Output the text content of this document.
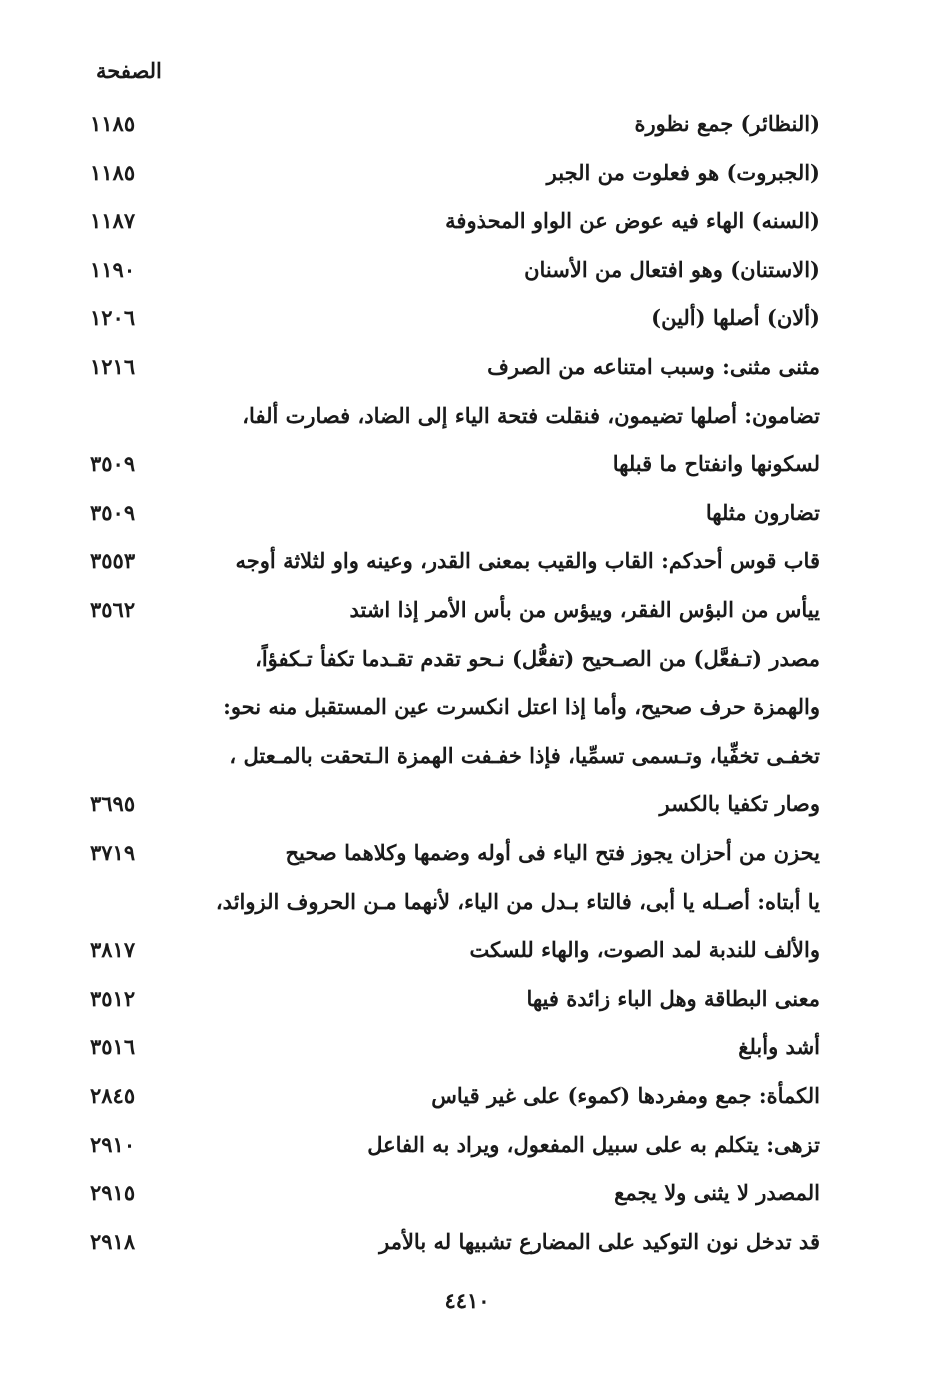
الصفحة
(النظائر) جمع نظورة
١١٨٥
(الجبروت) هو فعلوت من الجبر
١١٨٥
(السنه) الهاء فيه عوض عن الواو المحذوفة
١١٨٧
(الاستنان) وهو افتعال من الأسنان
١١٩٠
(ألان) أصلها (ألين)
١٢٠٦
مثنى مثنى: وسبب امتناعه من الصرف
١٢١٦
تضامون: أصلها تضيمون، فنقلت فتحة الياء إلى الضاد، فصارت ألفا،
لسكونها وانفتاح ما قبلها
٣٥٠٩
تضارون مثلها
٣٥٠٩
قاب قوس أحدكم: القاب والقيب بمعنى القدر، وعينه واو لثلاثة أوجه
٣٥٥٣
ييأس من البؤس الفقر، وييؤس من بأس الأمر إذا اشتد
٣٥٦٢
مصدر (تـفعَّل) من الصـحيح (تفعُّل) نـحو تقدم تقـدما تكفأ تـكفؤاً،
والهمزة حرف صحيح، وأما إذا اعتل انكسرت عين المستقبل منه نحو:
تخفـى تخفِّيا، وتـسمى تسمِّيا، فإذا خفـفت الهمزة الـتحقت بالمـعتل ،
وصار تكفيا بالكسر
٣٦٩٥
يحزن من أحزان يجوز فتح الياء فى أوله وضمها وكلاهما صحيح
٣٧١٩
يا أبتاه: أصـله يا أبى، فالتاء بـدل من الياء، لأنهما مـن الحروف الزوائد،
والألف للندبة لمد الصوت، والهاء للسكت
٣٨١٧
معنى البطاقة وهل الباء زائدة فيها
٣٥١٢
أشد وأبلغ
٣٥١٦
الكمأة: جمع ومفردها (كموء) على غير قياس
٢٨٤٥
تزهى: يتكلم به على سبيل المفعول، ويراد به الفاعل
٢٩١٠
المصدر لا يثنى ولا يجمع
٢٩١٥
قد تدخل نون التوكيد على المضارع تشبيها له بالأمر
٢٩١٨
٤٤١٠
